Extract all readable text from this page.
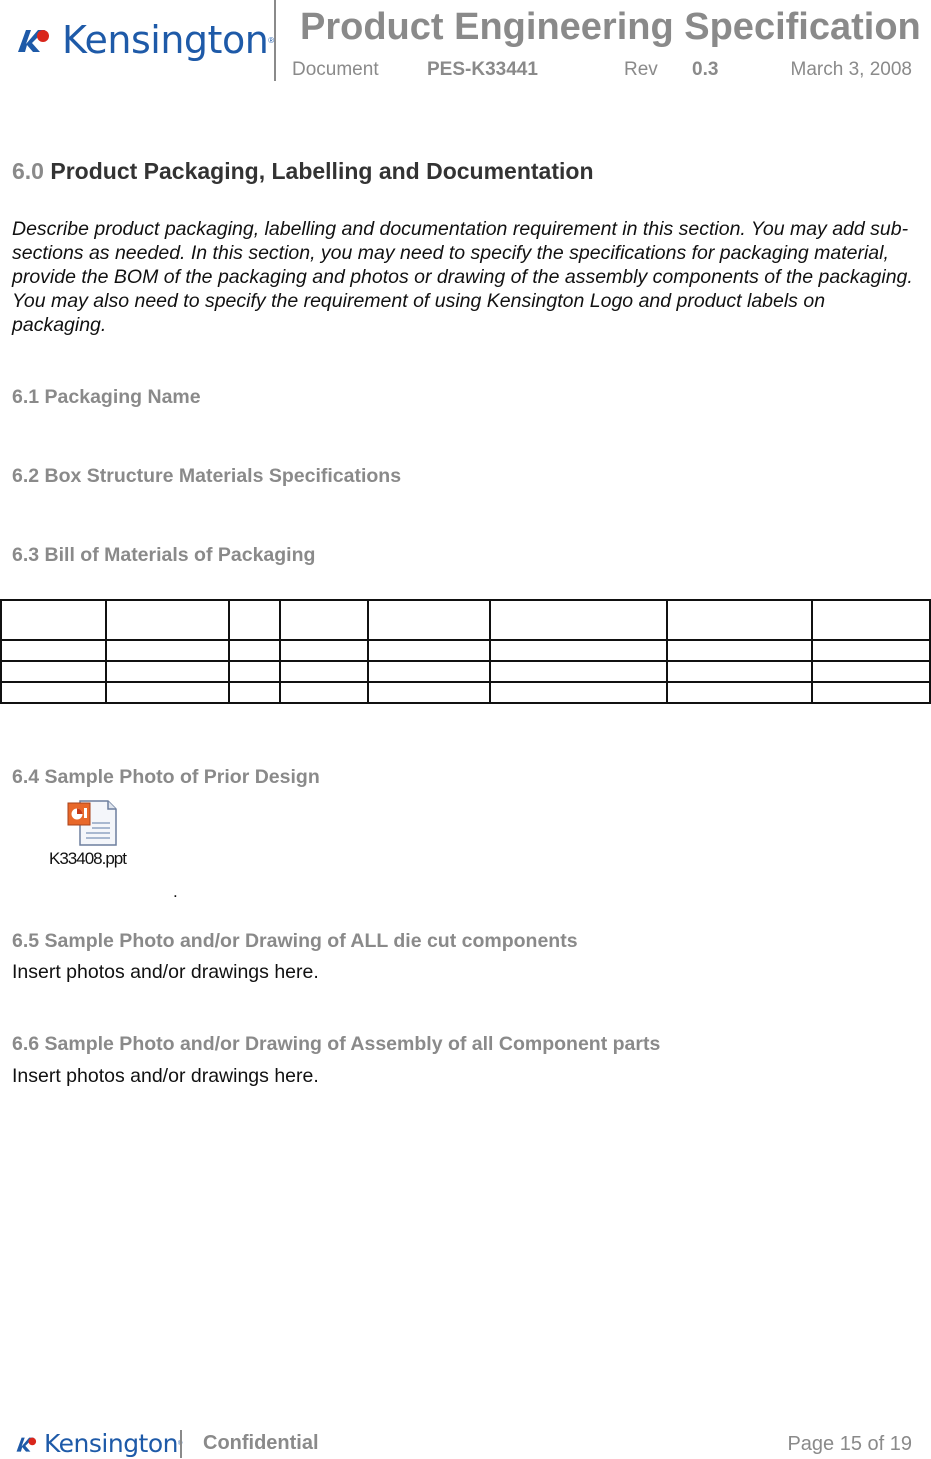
Kensington ® Product Engineering Specification
Document	PES-K33441	Rev 0.3	March 3, 2008
6.0 Product Packaging, Labelling and Documentation
Describe product packaging, labelling and documentation requirement in this section. You may add sub-sections as needed. In this section, you may need to specify the specifications for packaging material, provide the BOM of the packaging and photos or drawing of the assembly components of the packaging. You may also need to specify the requirement of using Kensington Logo and product labels on packaging.
6.1 Packaging Name
6.2 Box Structure Materials Specifications
6.3 Bill of Materials of Packaging

6.4 Sample Photo of Prior Design
K33408.ppt
.
6.5 Sample Photo and/or Drawing of ALL die cut components
Insert photos and/or drawings here.
6.6 Sample Photo and/or Drawing of Assembly of all Component parts
Insert photos and/or drawings here.
Kensington Confidential	Page 15 of 19
